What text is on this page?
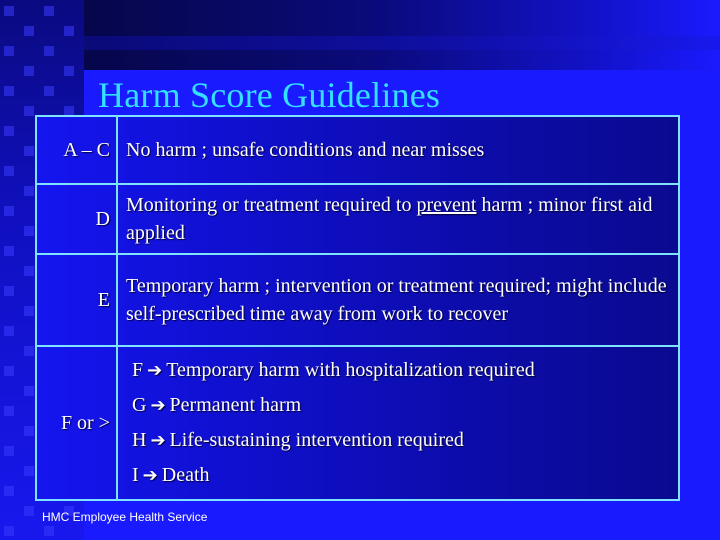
Harm Score Guidelines
A – C	No harm ; unsafe conditions and near misses
D	Monitoring or treatment required to prevent harm ; minor first aid applied
E	Temporary harm ; intervention or treatment required; might include self-prescribed time away from work to recover
F or >	F ➔ Temporary harm with hospitalization required
G ➔ Permanent harm
H ➔ Life-sustaining intervention required
I ➔ Death
HMC Employee Health Service
